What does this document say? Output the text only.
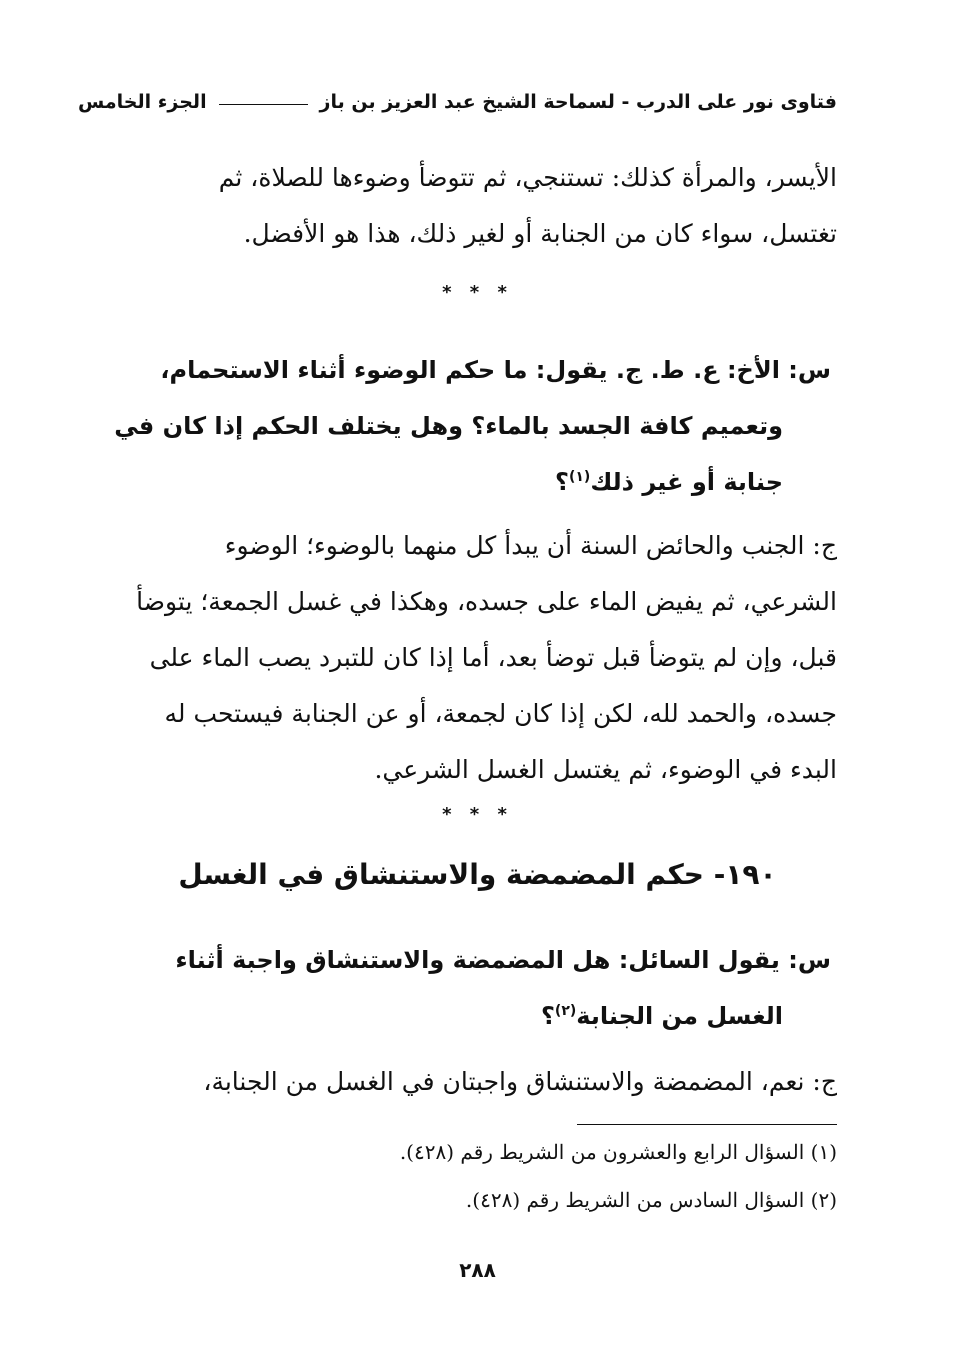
فتاوى نور على الدرب - لسماحة الشيخ عبد العزيز بن باز
الجزء الخامس
الأيسر، والمرأة كذلك: تستنجي، ثم تتوضأ وضوءها للصلاة، ثم
تغتسل، سواء كان من الجنابة أو لغير ذلك، هذا هو الأفضل.
* * *
س: الأخ: ع. ط. ج. يقول: ما حكم الوضوء أثناء الاستحمام،
وتعميم كافة الجسد بالماء؟ وهل يختلف الحكم إذا كان في
جنابة أو غير ذلك$^{(١)}$؟
ج: الجنب والحائض السنة أن يبدأ كل منهما بالوضوء؛ الوضوء
الشرعي، ثم يفيض الماء على جسده، وهكذا في غسل الجمعة؛ يتوضأ
قبل، وإن لم يتوضأ قبل توضأ بعد، أما إذا كان للتبرد يصب الماء على
جسده، والحمد لله، لكن إذا كان لجمعة، أو عن الجنابة فيستحب له
البدء في الوضوء، ثم يغتسل الغسل الشرعي.
* * *
١٩٠- حكم المضمضة والاستنشاق في الغسل
س: يقول السائل: هل المضمضة والاستنشاق واجبة أثناء
الغسل من الجنابة$^{(٢)}$؟
ج: نعم، المضمضة والاستنشاق واجبتان في الغسل من الجنابة،
(١) السؤال الرابع والعشرون من الشريط رقم (٤٢٨).
(٢) السؤال السادس من الشريط رقم (٤٢٨).
٢٨٨
